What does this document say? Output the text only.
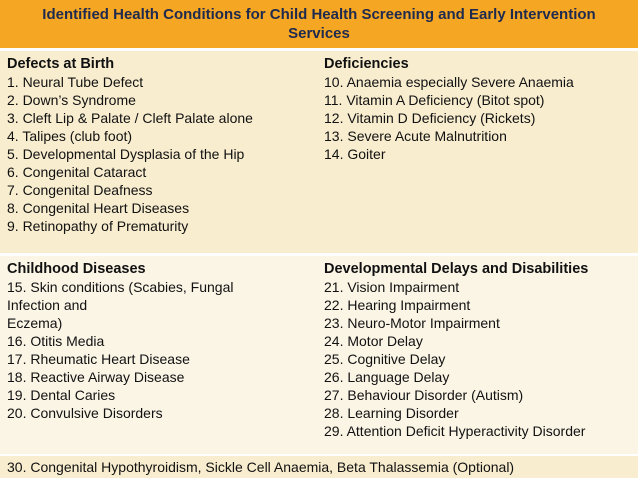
Identified Health Conditions for Child Health Screening and Early Intervention Services
Defects at Birth
1. Neural Tube Defect
2. Down’s Syndrome
3. Cleft Lip & Palate / Cleft Palate alone
4. Talipes (club foot)
5. Developmental Dysplasia of the Hip
6. Congenital Cataract
7. Congenital Deafness
8. Congenital Heart Diseases
9. Retinopathy of Prematurity
Deficiencies
10. Anaemia especially Severe Anaemia
11. Vitamin A Deficiency (Bitot spot)
12. Vitamin D Deficiency (Rickets)
13. Severe Acute Malnutrition
14. Goiter
Childhood Diseases
15. Skin conditions (Scabies, Fungal
Infection and
Eczema)
16. Otitis Media
17. Rheumatic Heart Disease
18. Reactive Airway Disease
19. Dental Caries
20. Convulsive Disorders
Developmental Delays and Disabilities
21. Vision Impairment
22. Hearing Impairment
23. Neuro-Motor Impairment
24. Motor Delay
25. Cognitive Delay
26. Language Delay
27. Behaviour Disorder (Autism)
28. Learning Disorder
29. Attention Deficit Hyperactivity Disorder
30. Congenital Hypothyroidism, Sickle Cell Anaemia, Beta Thalassemia (Optional)
